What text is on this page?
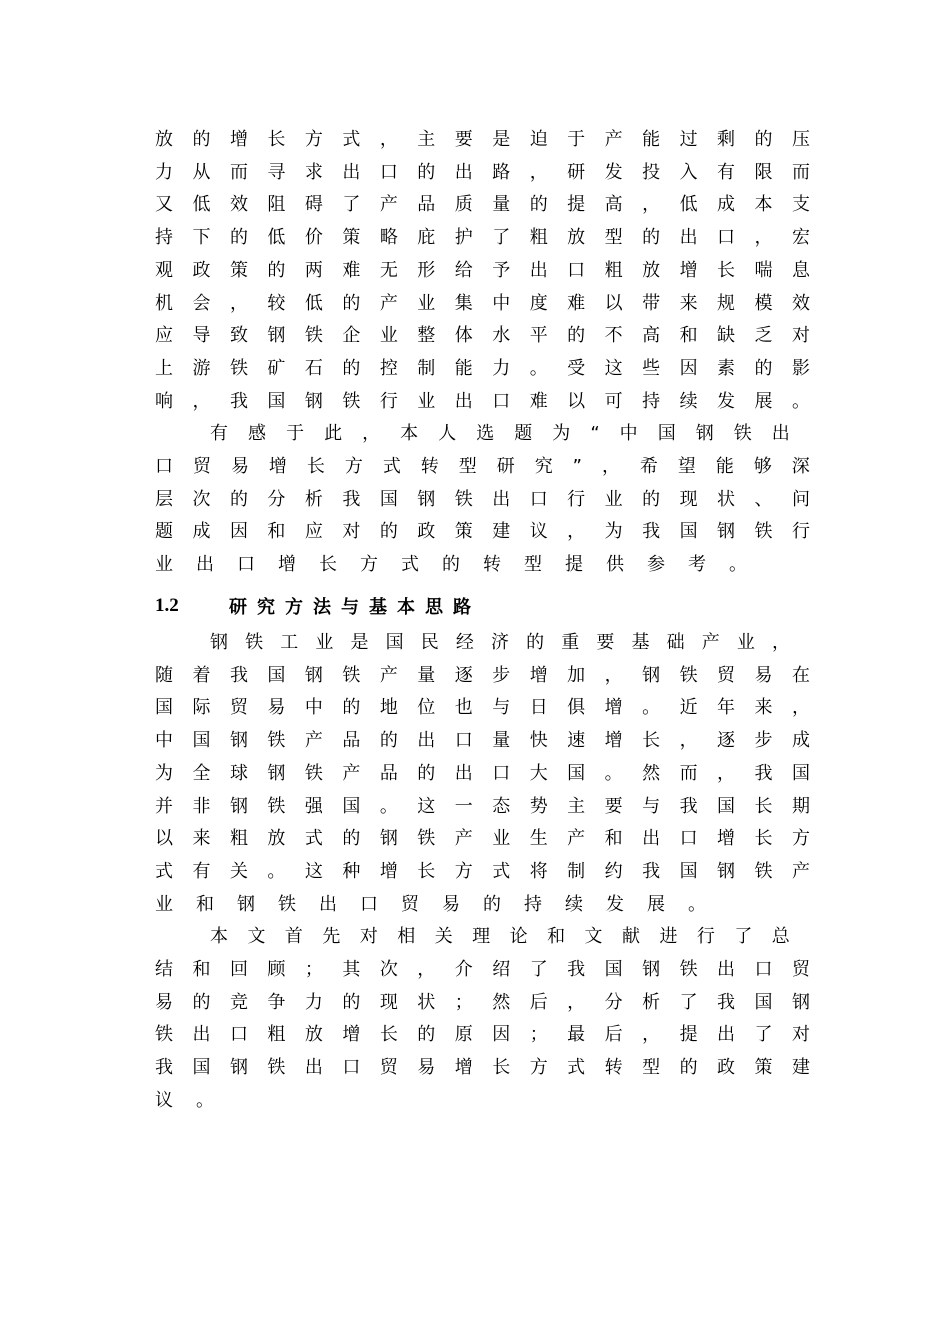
放 的 增 长 方 式 ， 主 要 是 迫 于 产 能 过 剩 的 压
力 从 而 寻 求 出 口 的 出 路 ， 研 发 投 入 有 限 而
又 低 效 阻 碍 了 产 品 质 量 的 提 高 ， 低 成 本 支
持 下 的 低 价 策 略 庇 护 了 粗 放 型 的 出 口 ， 宏
观 政 策 的 两 难 无 形 给 予 出 口 粗 放 增 长 喘 息
机 会 ， 较 低 的 产 业 集 中 度 难 以 带 来 规 模 效
应 导 致 钢 铁 企 业 整 体 水 平 的 不 高 和 缺 乏 对
上 游 铁 矿 石 的 控 制 能 力 。 受 这 些 因 素 的 影
响 ， 我 国 钢 铁 行 业 出 口 难 以 可 持 续 发 展 。
有 感 于 此 ， 本 人 选 题 为 “ 中 国 钢 铁 出
口 贸 易 增 长 方 式 转 型 研 究 ” ， 希 望 能 够 深
层 次 的 分 析 我 国 钢 铁 出 口 行 业 的 现 状 、 问
题 成 因 和 应 对 的 政 策 建 议 ， 为 我 国 钢 铁 行
业 出 口 增 长 方 式 的 转 型 提 供 参 考 。
1.2	研究方法与基本思路
钢 铁 工 业 是 国 民 经 济 的 重 要 基 础 产 业 ，
随 着 我 国 钢 铁 产 量 逐 步 增 加 ， 钢 铁 贸 易 在
国 际 贸 易 中 的 地 位 也 与 日 俱 增 。 近 年 来 ，
中 国 钢 铁 产 品 的 出 口 量 快 速 增 长 ， 逐 步 成
为 全 球 钢 铁 产 品 的 出 口 大 国 。 然 而 ， 我 国
并 非 钢 铁 强 国 。 这 一 态 势 主 要 与 我 国 长 期
以 来 粗 放 式 的 钢 铁 产 业 生 产 和 出 口 增 长 方
式 有 关 。 这 种 增 长 方 式 将 制 约 我 国 钢 铁 产
业 和 钢 铁 出 口 贸 易 的 持 续 发 展 。
本 文 首 先 对 相 关 理 论 和 文 献 进 行 了 总
结 和 回 顾 ； 其 次 ， 介 绍 了 我 国 钢 铁 出 口 贸
易 的 竞 争 力 的 现 状 ； 然 后 ， 分 析 了 我 国 钢
铁 出 口 粗 放 增 长 的 原 因 ； 最 后 ， 提 出 了 对
我 国 钢 铁 出 口 贸 易 增 长 方 式 转 型 的 政 策 建
议 。
